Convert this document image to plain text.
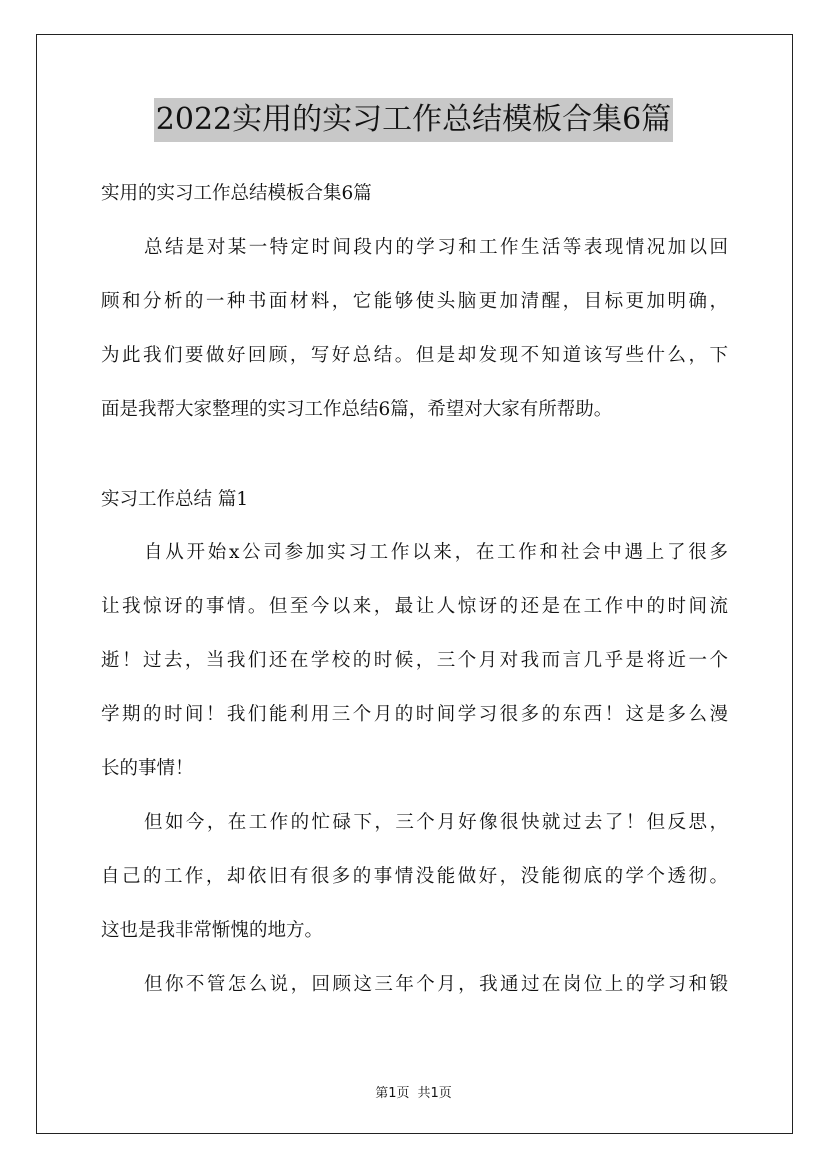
2022实用的实习工作总结模板合集6篇
实用的实习工作总结模板合集6篇
总结是对某一特定时间段内的学习和工作生活等表现情况加以回
顾和分析的一种书面材料，它能够使头脑更加清醒，目标更加明确，
为此我们要做好回顾，写好总结。但是却发现不知道该写些什么，下
面是我帮大家整理的实习工作总结6篇，希望对大家有所帮助。
实习工作总结 篇1
自从开始x公司参加实习工作以来，在工作和社会中遇上了很多
让我惊讶的事情。但至今以来，最让人惊讶的还是在工作中的时间流
逝！过去，当我们还在学校的时候，三个月对我而言几乎是将近一个
学期的时间！我们能利用三个月的时间学习很多的东西！这是多么漫
长的事情！
但如今，在工作的忙碌下，三个月好像很快就过去了！但反思，
自己的工作，却依旧有很多的事情没能做好，没能彻底的学个透彻。
这也是我非常惭愧的地方。
但你不管怎么说，回顾这三年个月，我通过在岗位上的学习和锻
第1页 共1页
